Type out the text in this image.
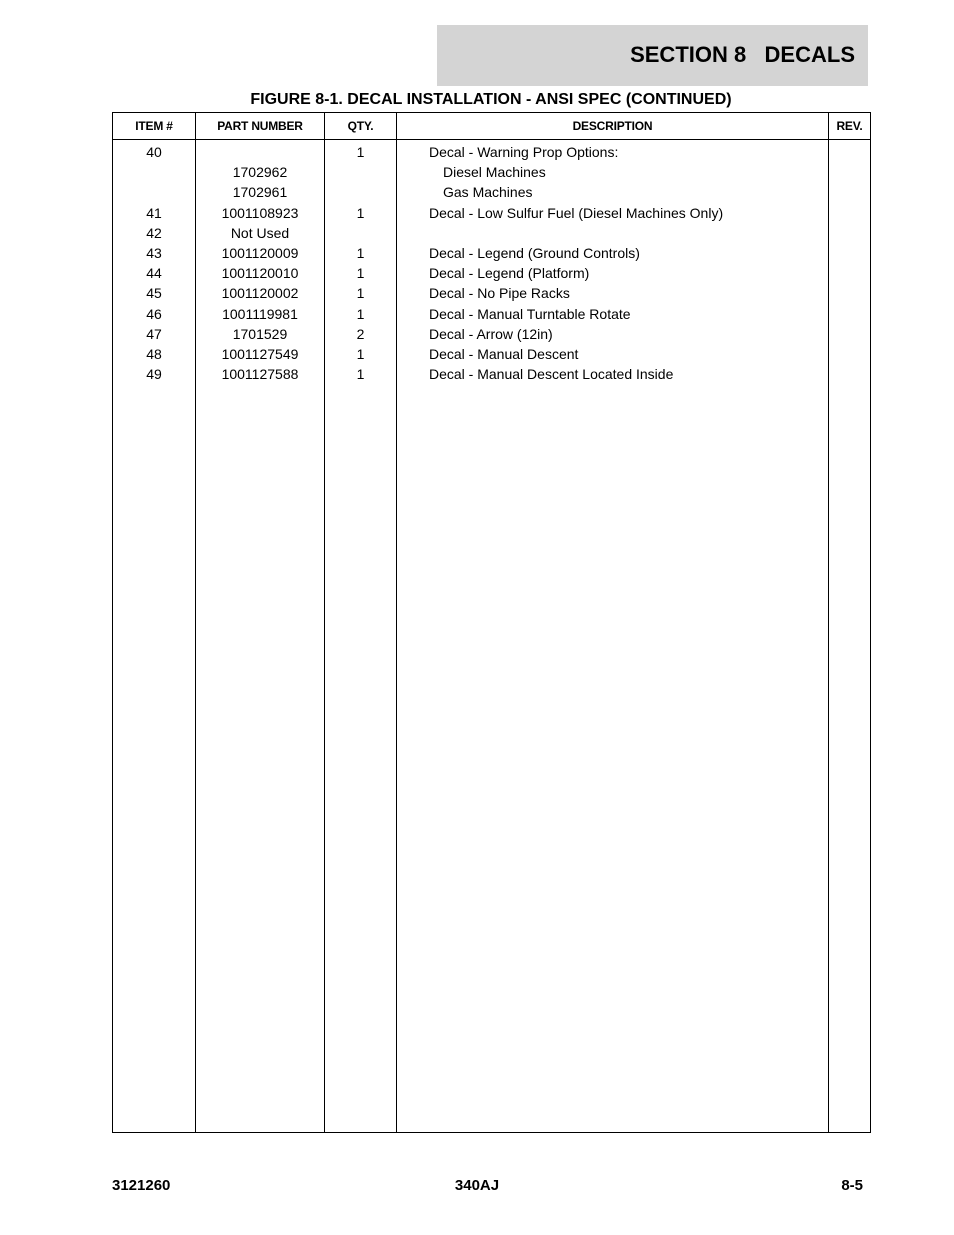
SECTION 8   DECALS
FIGURE 8-1. DECAL INSTALLATION - ANSI SPEC (CONTINUED)
ITEM #	PART NUMBER	QTY.	DESCRIPTION	REV.
40		1	Decal - Warning Prop Options:	
	1702962		Diesel Machines	
	1702961		Gas Machines	
41	1001108923	1	Decal - Low Sulfur Fuel (Diesel Machines Only)	
42	Not Used			
43	1001120009	1	Decal - Legend (Ground Controls)	
44	1001120010	1	Decal - Legend (Platform)	
45	1001120002	1	Decal - No Pipe Racks	
46	1001119981	1	Decal - Manual Turntable Rotate	
47	1701529	2	Decal - Arrow (12in)	
48	1001127549	1	Decal - Manual Descent	
49	1001127588	1	Decal - Manual Descent Located Inside	

3121260	340AJ	8-5
